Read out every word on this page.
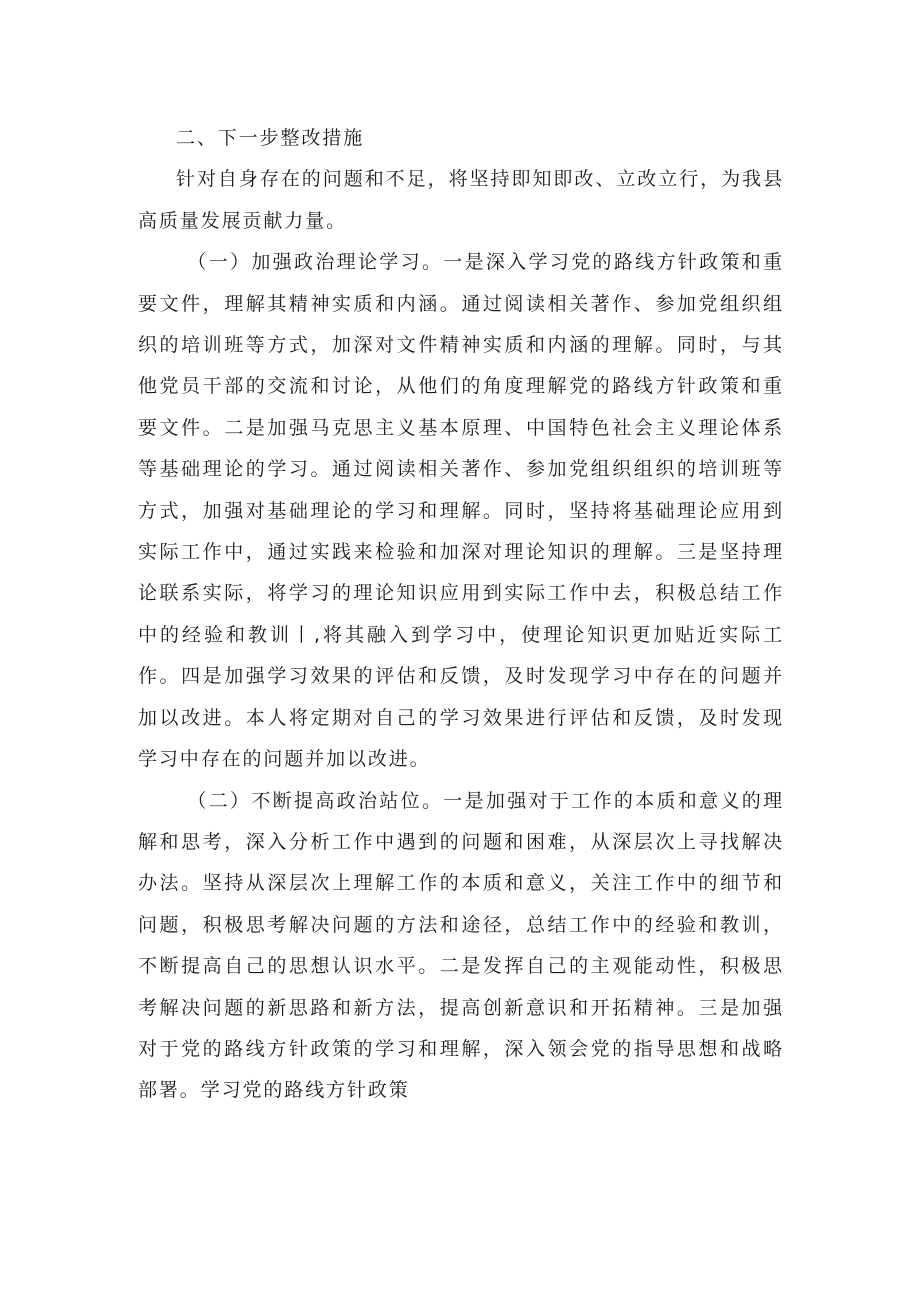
二、下一步整改措施

针对自身存在的问题和不足，将坚持即知即改、立改立行，为我县高质量发展贡献力量。

（一）加强政治理论学习。一是深入学习党的路线方针政策和重要文件，理解其精神实质和内涵。通过阅读相关著作、参加党组织组织的培训班等方式，加深对文件精神实质和内涵的理解。同时，与其他党员干部的交流和讨论，从他们的角度理解党的路线方针政策和重要文件。二是加强马克思主义基本原理、中国特色社会主义理论体系等基础理论的学习。通过阅读相关著作、参加党组织组织的培训班等方式，加强对基础理论的学习和理解。同时，坚持将基础理论应用到实际工作中，通过实践来检验和加深对理论知识的理解。三是坚持理论联系实际，将学习的理论知识应用到实际工作中去，积极总结工作中的经验和教训丨,将其融入到学习中，使理论知识更加贴近实际工作。四是加强学习效果的评估和反馈，及时发现学习中存在的问题并加以改进。本人将定期对自己的学习效果进行评估和反馈，及时发现学习中存在的问题并加以改进。

（二）不断提高政治站位。一是加强对于工作的本质和意义的理解和思考，深入分析工作中遇到的问题和困难，从深层次上寻找解决办法。坚持从深层次上理解工作的本质和意义，关注工作中的细节和问题，积极思考解决问题的方法和途径，总结工作中的经验和教训，不断提高自己的思想认识水平。二是发挥自己的主观能动性，积极思考解决问题的新思路和新方法，提高创新意识和开拓精神。三是加强对于党的路线方针政策的学习和理解，深入领会党的指导思想和战略部署。学习党的路线方针政策
